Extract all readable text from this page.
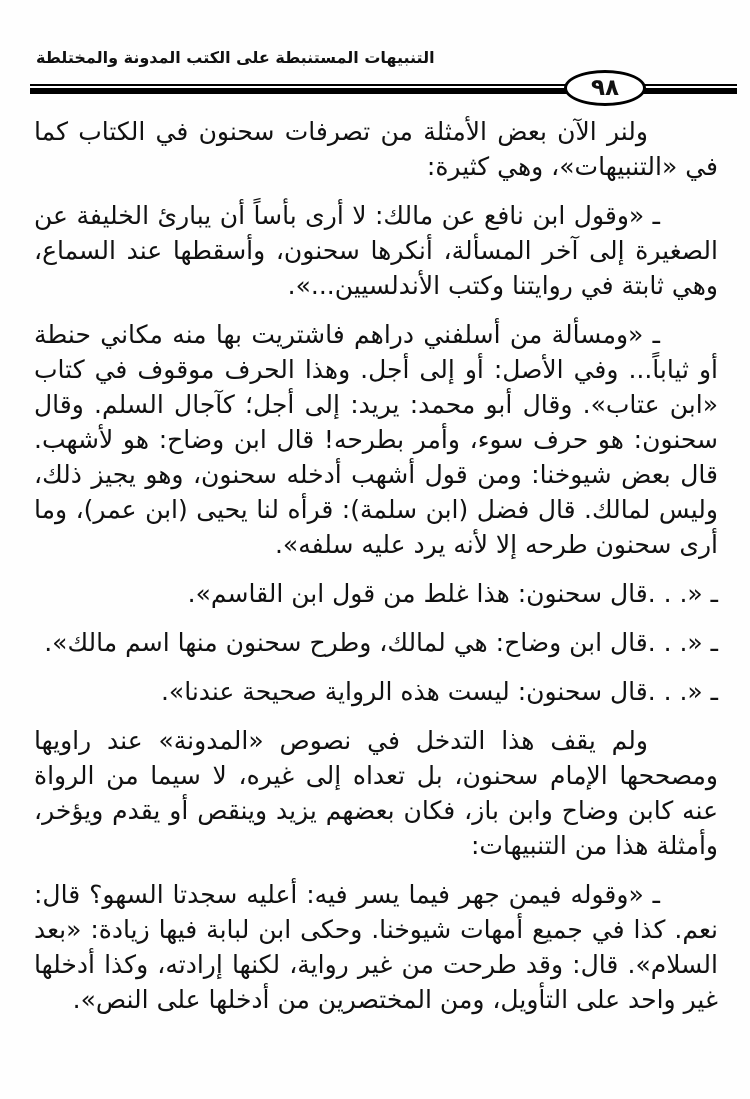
التنبيهات المستنبطة على الكتب المدونة والمختلطة
٩٨

ولنر الآن بعض الأمثلة من تصرفات سحنون في الكتاب كما في «التنبيهات»، وهي كثيرة:

ـ «وقول ابن نافع عن مالك: لا أرى بأساً أن يبارئ الخليفة عن الصغيرة إلى آخر المسألة، أنكرها سحنون، وأسقطها عند السماع، وهي ثابتة في روايتنا وكتب الأندلسيين...».

ـ «ومسألة من أسلفني دراهم فاشتريت بها منه مكاني حنطة أو ثياباً... وفي الأصل: أو إلى أجل. وهذا الحرف موقوف في كتاب «ابن عتاب». وقال أبو محمد: يريد: إلى أجل؛ كآجال السلم. وقال سحنون: هو حرف سوء، وأمر بطرحه! قال ابن وضاح: هو لأشهب. قال بعض شيوخنا: ومن قول أشهب أدخله سحنون، وهو يجيز ذلك، وليس لمالك. قال فضل (ابن سلمة): قرأه لنا يحيى (ابن عمر)، وما أرى سحنون طرحه إلا لأنه يرد عليه سلفه».

ـ «. . .قال سحنون: هذا غلط من قول ابن القاسم».

ـ «. . .قال ابن وضاح: هي لمالك، وطرح سحنون منها اسم مالك».

ـ «. . .قال سحنون: ليست هذه الرواية صحيحة عندنا».

ولم يقف هذا التدخل في نصوص «المدونة» عند راويها ومصححها الإمام سحنون، بل تعداه إلى غيره، لا سيما من الرواة عنه كابن وضاح وابن باز، فكان بعضهم يزيد وينقص أو يقدم ويؤخر، وأمثلة هذا من التنبيهات:

ـ «وقوله فيمن جهر فيما يسر فيه: أعليه سجدتا السهو؟ قال: نعم. كذا في جميع أمهات شيوخنا. وحكى ابن لبابة فيها زيادة: «بعد السلام». قال: وقد طرحت من غير رواية، لكنها إرادته، وكذا أدخلها غير واحد على التأويل، ومن المختصرين من أدخلها على النص».
